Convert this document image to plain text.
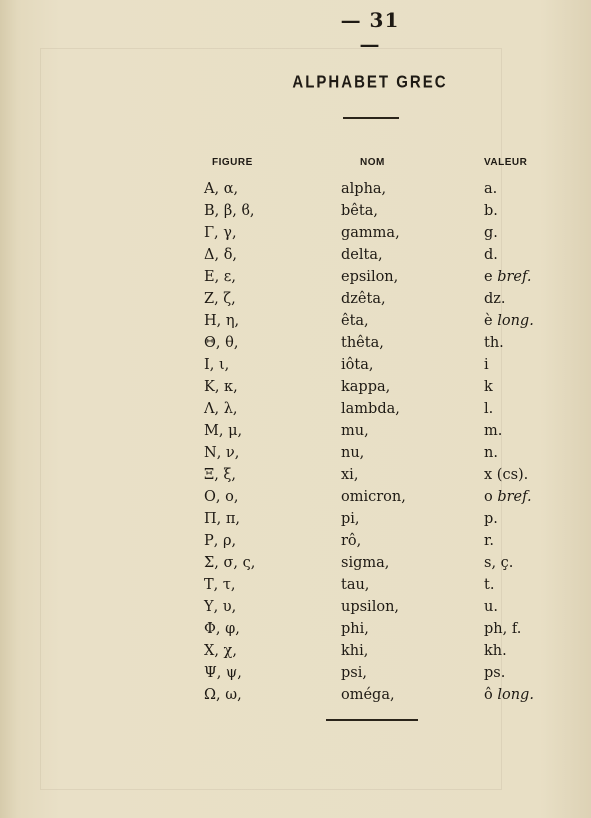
— 31 —
ALPHABET GREC
FIGURE	NOM	VALEUR
Α, α,	alpha,	a.
Β, β, ϐ,	bêta,	b.
Γ, γ,	gamma,	g.
Δ, δ,	delta,	d.
Ε, ε,	epsilon,	e bref.
Ζ, ζ,	dzêta,	dz.
Η, η,	êta,	è long.
Θ, θ,	thêta,	th.
Ι, ι,	iôta,	i
Κ, κ,	kappa,	k
Λ, λ,	lambda,	l.
Μ, μ,	mu,	m.
Ν, ν,	nu,	n.
Ξ, ξ,	xi,	x (cs).
Ο, ο,	omicron,	o bref.
Π, π,	pi,	p.
Ρ, ρ,	rô,	r.
Σ, σ, ς,	sigma,	s, ç.
Τ, τ,	tau,	t.
Υ, υ,	upsilon,	u.
Φ, φ,	phi,	ph, f.
Χ, χ,	khi,	kh.
Ψ, ψ,	psi,	ps.
Ω, ω,	oméga,	ô long.
